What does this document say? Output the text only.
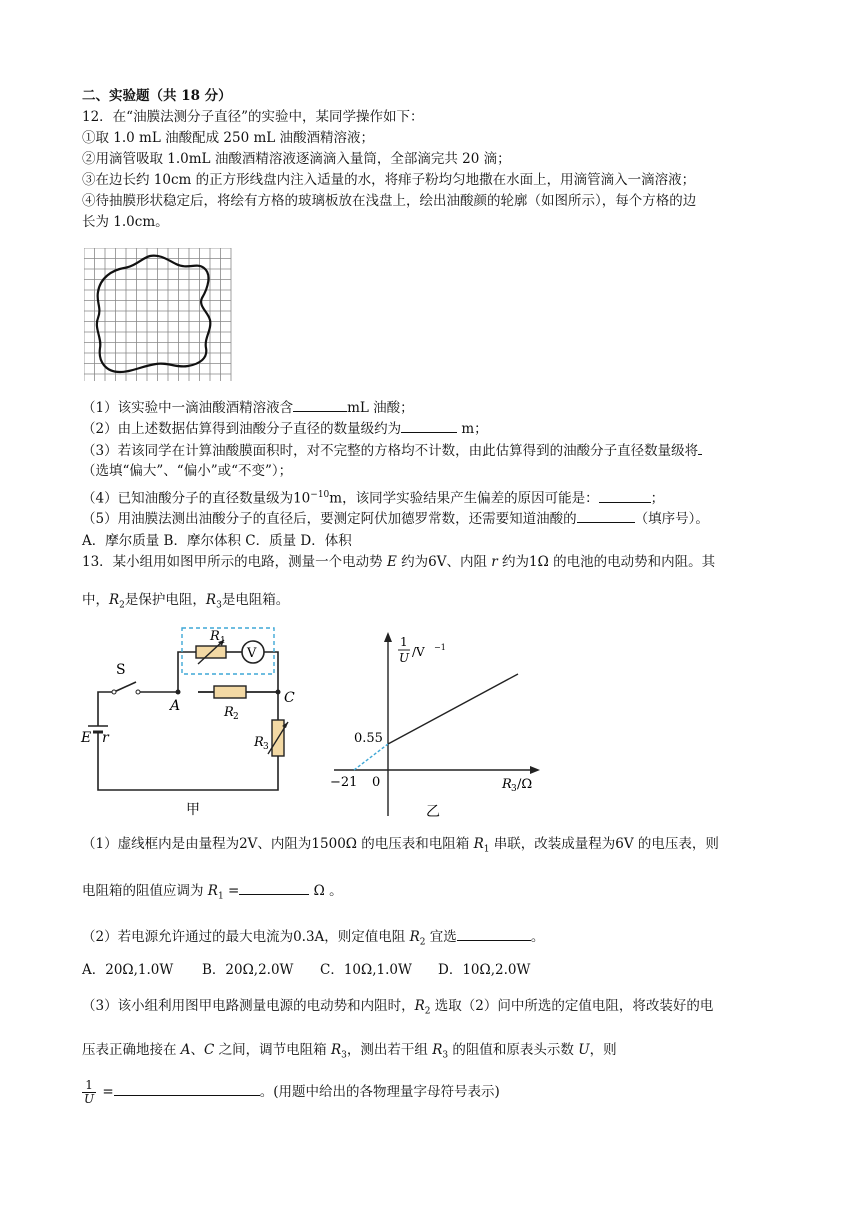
二、实验题（共 18 分）
12．在“油膜法测分子直径”的实验中，某同学操作如下：
①取 1.0 mL 油酸配成 250 mL 油酸酒精溶液；
②用滴管吸取 1.0mL 油酸酒精溶液逐滴滴入量筒，全部滴完共 20 滴；
③在边长约 10cm 的正方形线盘内注入适量的水，将痱子粉均匀地撒在水面上，用滴管滴入一滴溶液；
④待抽膜形状稳定后，将绘有方格的玻璃板放在浅盘上，绘出油酸颜的轮廓（如图所示），每个方格的边
长为 1.0cm。
（1）该实验中一滴油酸酒精溶液含	mL 油酸；
（2）由上述数据估算得到油酸分子直径的数量级约为	m；
（3）若该同学在计算油酸膜面积时，对不完整的方格均不计数，由此估算得到的油酸分子直径数量级将
（选填“偏大”、“偏小”或“不变”）；
（4）已知油酸分子的直径数量级为$10^{-10}m$，该同学实验结果产生偏差的原因可能是：	；
（5）用油膜法测出油酸分子的直径后，要测定阿伏加德罗常数，还需要知道油酸的	（填序号）。
A．摩尔质量 B．摩尔体积 C．质量 D．体积
13．某小组用如图甲所示的电路，测量一个电动势 E 约为6V、内阻 r 约为1Ω 的电池的电动势和内阻。其
中，$R_2$是保护电阻，$R_3$是电阻箱。
R 1
V
S
A	R 2
C
R 3
E r
甲
1
U /V −1
0.55
−21 0	R 3 /Ω
乙
（1）虚线框内是由量程为2V、内阻为1500Ω 的电压表和电阻箱 $R_1$ 串联，改装成量程为6V 的电压表，则
电阻箱的阻值应调为 $R_1$ =	Ω 。
（2）若电源允许通过的最大电流为0.3A，则定值电阻 $R_2$ 宜选	。
A．20Ω,1.0W B．20Ω,2.0W C．10Ω,1.0W D．10Ω,2.0W
（3）该小组利用图甲电路测量电源的电动势和内阻时，$R_2$ 选取（2）问中所选的定值电阻，将改装好的电
压表正确地接在 A、C 之间，调节电阻箱 $R_3$，测出若干组 $R_3$ 的阻值和原表头示数 U，则
$\frac{1}{U}$ =	。(用题中给出的各物理量字母符号表示)
